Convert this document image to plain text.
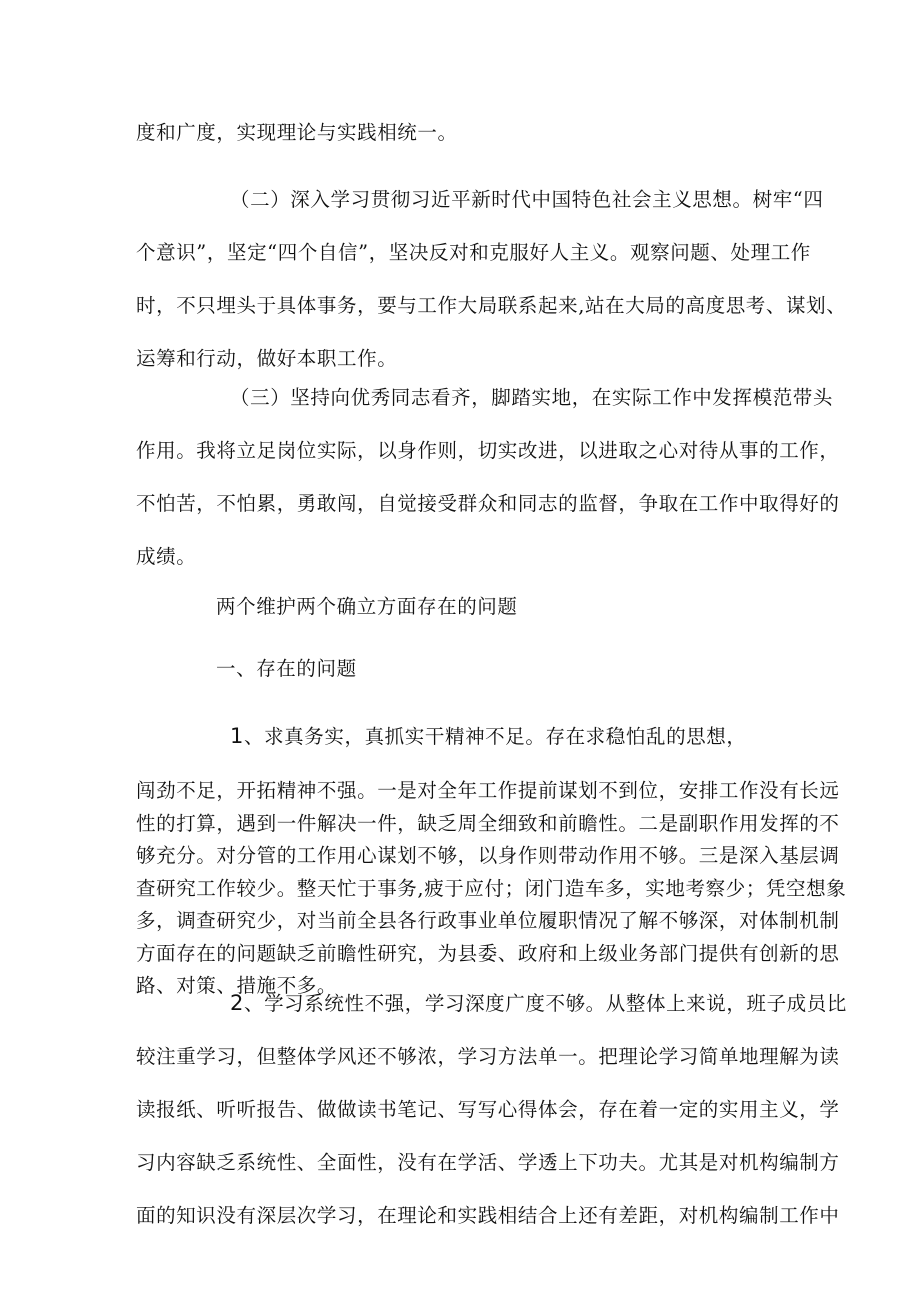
度和广度，实现理论与实践相统一。

（二）深入学习贯彻习近平新时代中国特色社会主义思想。树牢“四

个意识”，坚定“四个自信”，坚决反对和克服好人主义。观察问题、处理工作

时，不只埋头于具体事务，要与工作大局联系起来,站在大局的高度思考、谋划、

运筹和行动，做好本职工作。

（三）坚持向优秀同志看齐，脚踏实地，在实际工作中发挥模范带头

作用。我将立足岗位实际，以身作则，切实改进，以进取之心对待从事的工作，

不怕苦，不怕累，勇敢闯，自觉接受群众和同志的监督，争取在工作中取得好的

成绩。

两个维护两个确立方面存在的问题

一、存在的问题

1、求真务实，真抓实干精神不足。存在求稳怕乱的思想，

闯劲不足，开拓精神不强。一是对全年工作提前谋划不到位，安排工作没有长远

性的打算，遇到一件解决一件，缺乏周全细致和前瞻性。二是副职作用发挥的不

够充分。对分管的工作用心谋划不够，以身作则带动作用不够。三是深入基层调

查研究工作较少。整天忙于事务,疲于应付；闭门造车多，实地考察少；凭空想象

多，调查研究少，对当前全县各行政事业单位履职情况了解不够深，对体制机制

方面存在的问题缺乏前瞻性研究，为县委、政府和上级业务部门提供有创新的思

路、对策、措施不多。

2、学习系统性不强，学习深度广度不够。从整体上来说，班子成员比

较注重学习，但整体学风还不够浓，学习方法单一。把理论学习简单地理解为读

读报纸、听听报告、做做读书笔记、写写心得体会，存在着一定的实用主义，学

习内容缺乏系统性、全面性，没有在学活、学透上下功夫。尤其是对机构编制方

面的知识没有深层次学习，在理论和实践相结合上还有差距，对机构编制工作中
